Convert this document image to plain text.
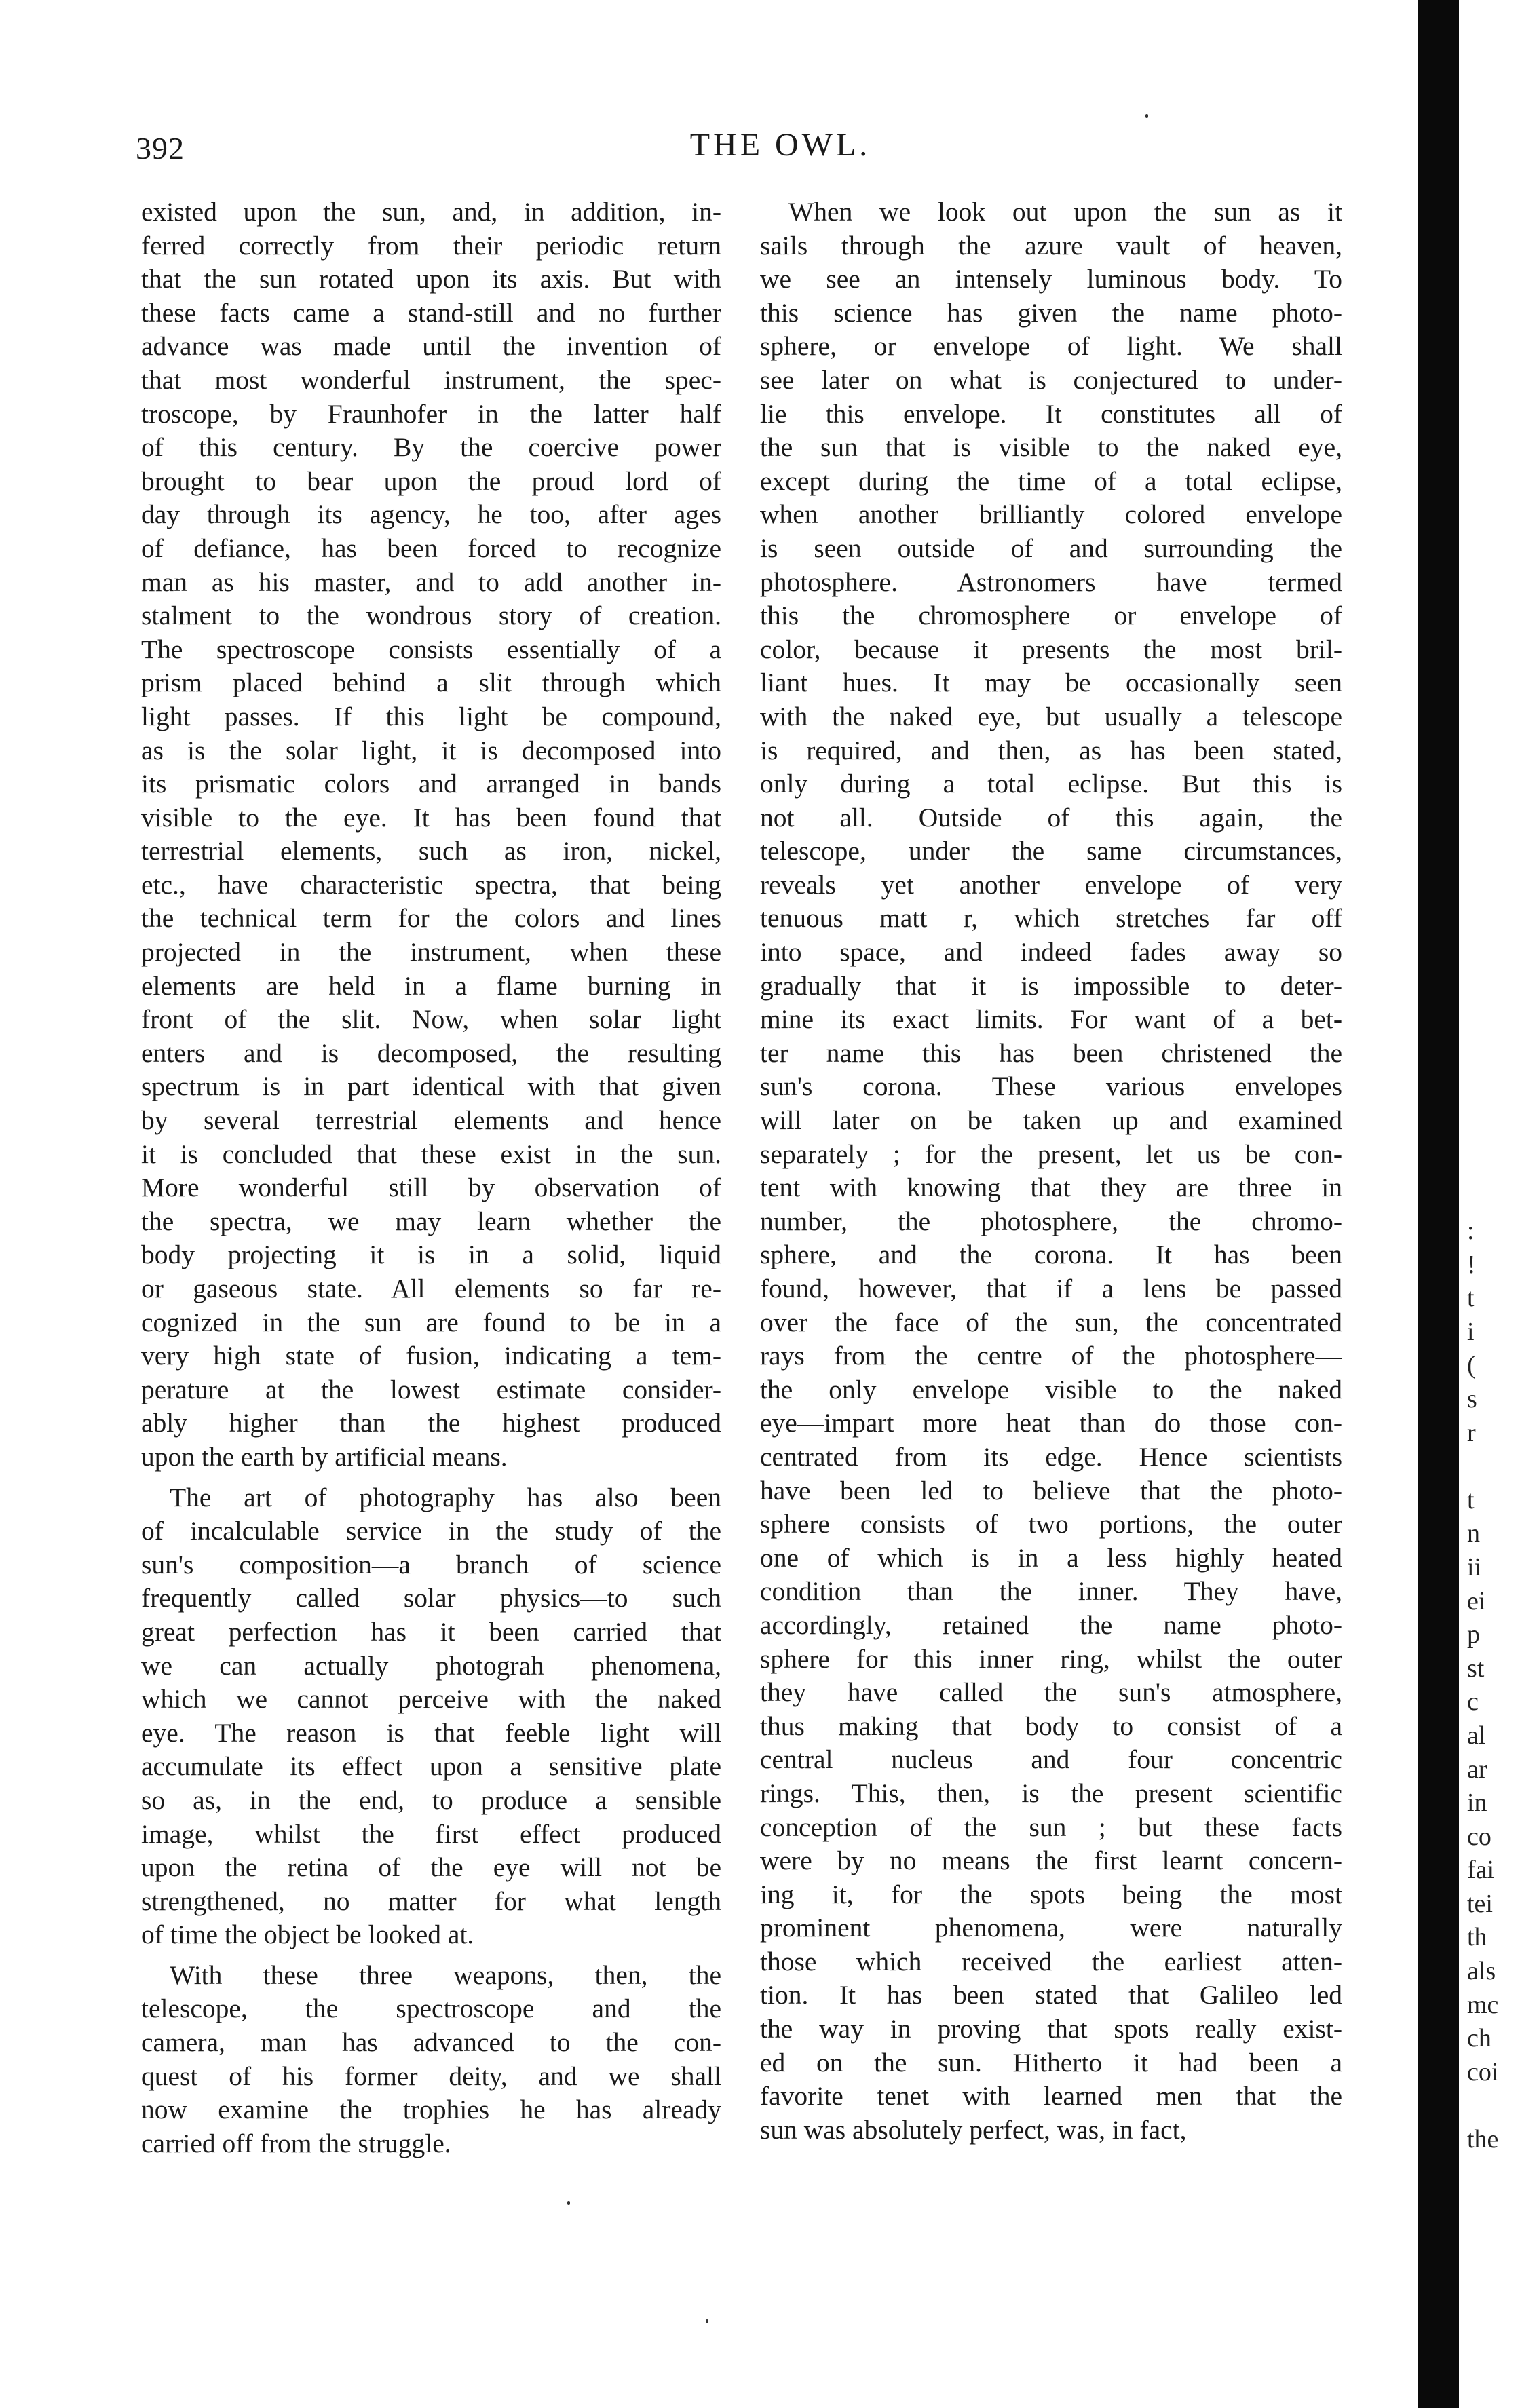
392	THE OWL.
existed upon the sun, and, in addition, in-
ferred correctly from their periodic return
that the sun rotated upon its axis. But with
these facts came a stand-still and no further
advance was made until the invention of
that most wonderful instrument, the spec-
troscope, by Fraunhofer in the latter half
of this century. By the coercive power
brought to bear upon the proud lord of
day through its agency, he too, after ages
of defiance, has been forced to recognize
man as his master, and to add another in-
stalment to the wondrous story of creation.
The spectroscope consists essentially of a
prism placed behind a slit through which
light passes. If this light be compound,
as is the solar light, it is decomposed into
its prismatic colors and arranged in bands
visible to the eye. It has been found that
terrestrial elements, such as iron, nickel,
etc., have characteristic spectra, that being
the technical term for the colors and lines
projected in the instrument, when these
elements are held in a flame burning in
front of the slit. Now, when solar light
enters and is decomposed, the resulting
spectrum is in part identical with that given
by several terrestrial elements and hence
it is concluded that these exist in the sun.
More wonderful still by observation of
the spectra, we may learn whether the
body projecting it is in a solid, liquid
or gaseous state. All elements so far re-
cognized in the sun are found to be in a
very high state of fusion, indicating a tem-
perature at the lowest estimate consider-
ably higher than the highest produced
upon the earth by artificial means.
The art of photography has also been
of incalculable service in the study of the
sun's composition—a branch of science
frequently called solar physics—to such
great perfection has it been carried that
we can actually photograh phenomena,
which we cannot perceive with the naked
eye. The reason is that feeble light will
accumulate its effect upon a sensitive plate
so as, in the end, to produce a sensible
image, whilst the first effect produced
upon the retina of the eye will not be
strengthened, no matter for what length
of time the object be looked at.
With these three weapons, then, the
telescope, the spectroscope and the
camera, man has advanced to the con-
quest of his former deity, and we shall
now examine the trophies he has already
carried off from the struggle.
When we look out upon the sun as it
sails through the azure vault of heaven,
we see an intensely luminous body. To
this science has given the name photo-
sphere, or envelope of light. We shall
see later on what is conjectured to under-
lie this envelope. It constitutes all of
the sun that is visible to the naked eye,
except during the time of a total eclipse,
when another brilliantly colored envelope
is seen outside of and surrounding the
photosphere. Astronomers have termed
this the chromosphere or envelope of
color, because it presents the most bril-
liant hues. It may be occasionally seen
with the naked eye, but usually a telescope
is required, and then, as has been stated,
only during a total eclipse. But this is
not all. Outside of this again, the
telescope, under the same circumstances,
reveals yet another envelope of very
tenuous matt r, which stretches far off
into space, and indeed fades away so
gradually that it is impossible to deter-
mine its exact limits. For want of a bet-
ter name this has been christened the
sun's corona. These various envelopes
will later on be taken up and examined
separately ; for the present, let us be con-
tent with knowing that they are three in
number, the photosphere, the chromo-
sphere, and the corona. It has been
found, however, that if a lens be passed
over the face of the sun, the concentrated
rays from the centre of the photosphere—
the only envelope visible to the naked
eye—impart more heat than do those con-
centrated from its edge. Hence scientists
have been led to believe that the photo-
sphere consists of two portions, the outer
one of which is in a less highly heated
condition than the inner. They have,
accordingly, retained the name photo-
sphere for this inner ring, whilst the outer
they have called the sun's atmosphere,
thus making that body to consist of a
central nucleus and four concentric
rings. This, then, is the present scientific
conception of the sun ; but these facts
were by no means the first learnt concern-
ing it, for the spots being the most
prominent phenomena, were naturally
those which received the earliest atten-
tion. It has been stated that Galileo led
the way in proving that spots really exist-
ed on the sun. Hitherto it had been a
favorite tenet with learned men that the
sun was absolutely perfect, was, in fact,
:
!
t
i
(
s
r
t
n
ii
ei
p
st
c
al
ar
in
co
fai
tei
th
als
mc
ch
coi
the
